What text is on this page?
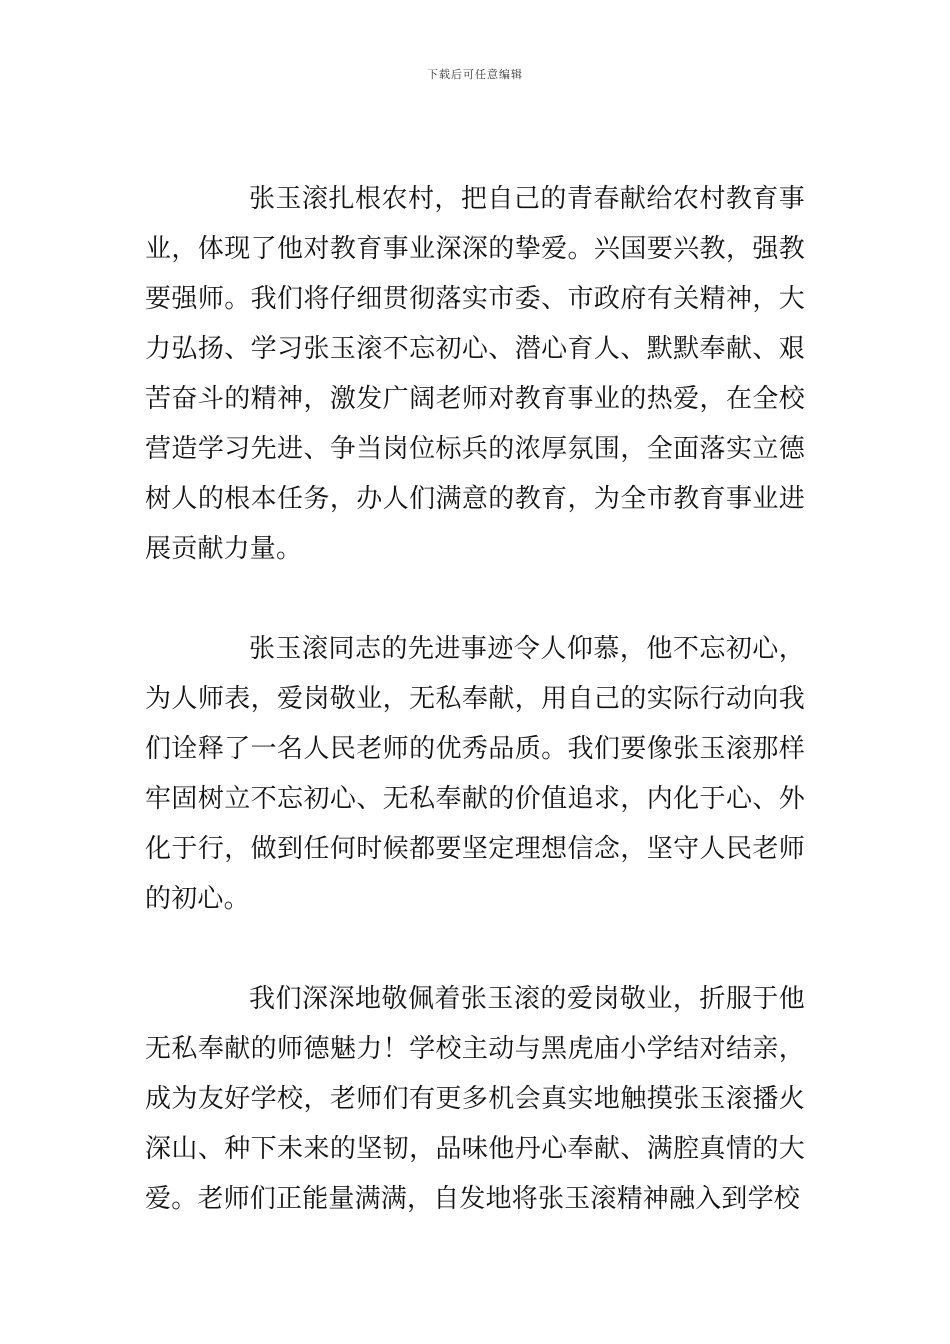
下载后可任意编辑

张玉滚扎根农村，把自己的青春献给农村教育事业，体现了他对教育事业深深的挚爱。兴国要兴教，强教要强师。我们将仔细贯彻落实市委、市政府有关精神，大力弘扬、学习张玉滚不忘初心、潜心育人、默默奉献、艰苦奋斗的精神，激发广阔老师对教育事业的热爱，在全校营造学习先进、争当岗位标兵的浓厚氛围，全面落实立德树人的根本任务，办人们满意的教育，为全市教育事业进展贡献力量。

张玉滚同志的先进事迹令人仰慕，他不忘初心，为人师表，爱岗敬业，无私奉献，用自己的实际行动向我们诠释了一名人民老师的优秀品质。我们要像张玉滚那样牢固树立不忘初心、无私奉献的价值追求，内化于心、外化于行，做到任何时候都要坚定理想信念，坚守人民老师的初心。

我们深深地敬佩着张玉滚的爱岗敬业，折服于他无私奉献的师德魅力！学校主动与黑虎庙小学结对结亲，成为友好学校，老师们有更多机会真实地触摸张玉滚播火深山、种下未来的坚韧，品味他丹心奉献、满腔真情的大爱。老师们正能量满满，自发地将张玉滚精神融入到学校
